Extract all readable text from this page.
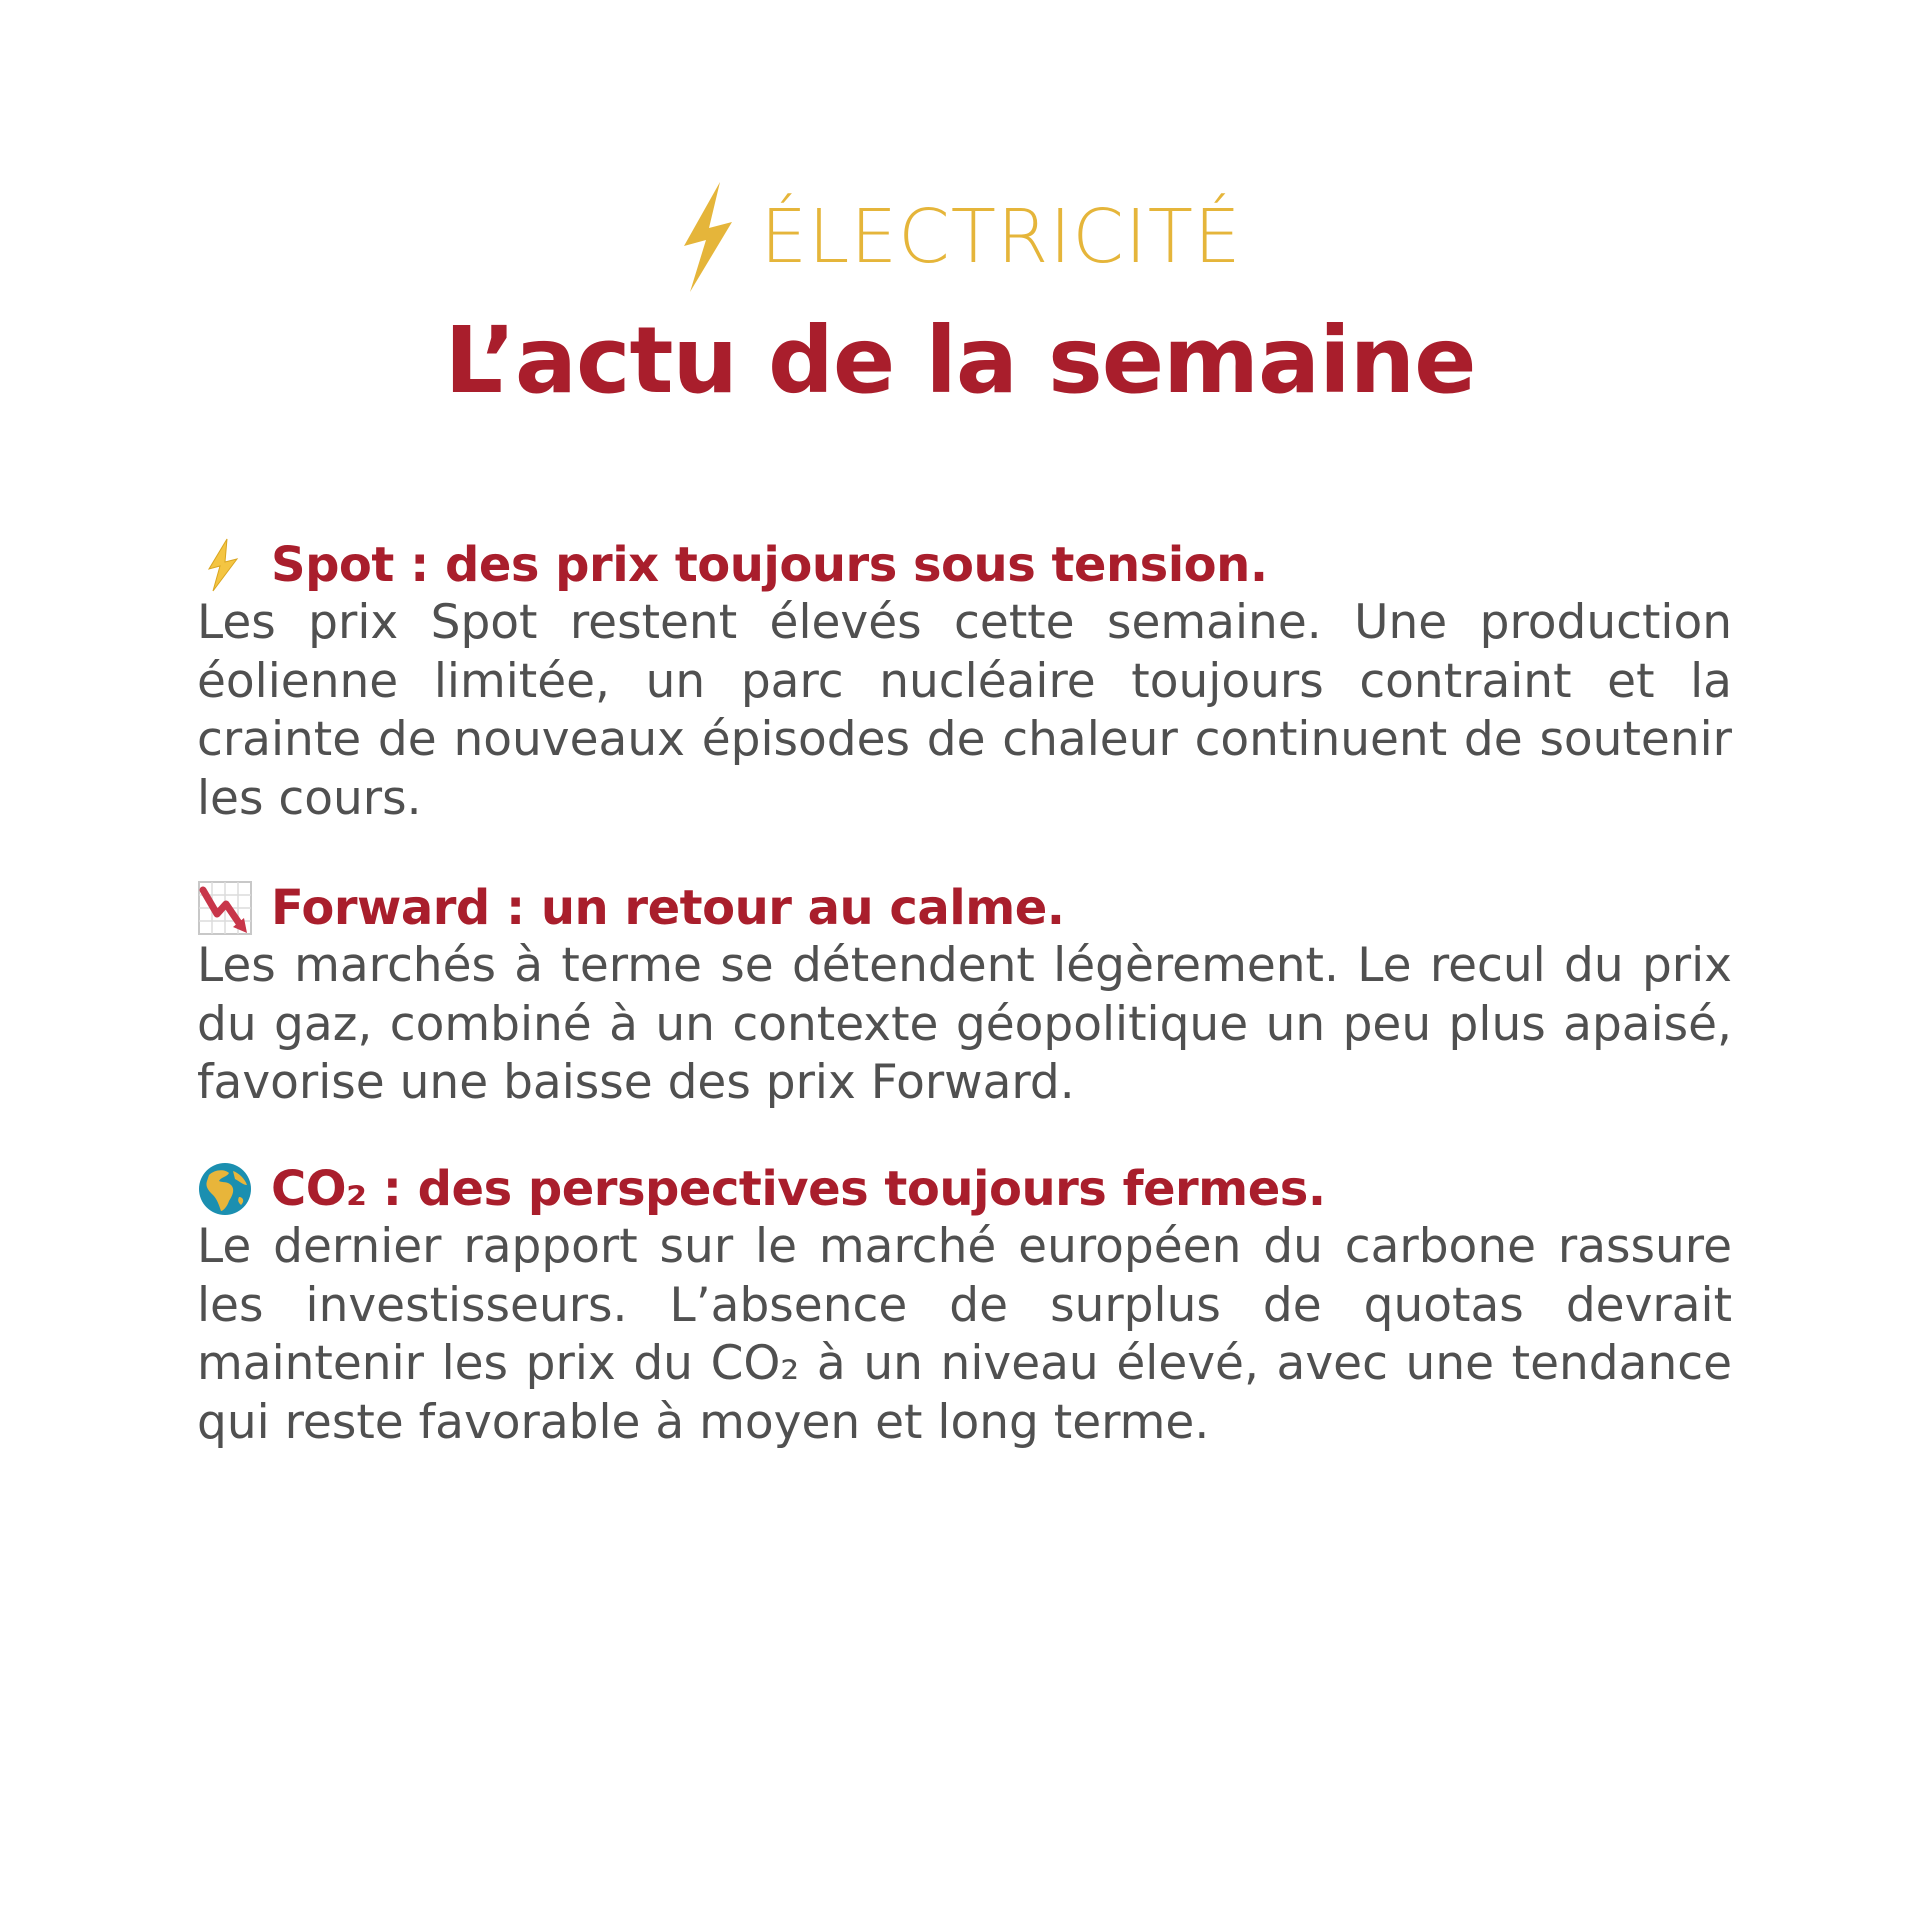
ÉLECTRICITÉ
L’actu de la semaine
Spot : des prix toujours sous tension.

Les prix Spot restent élevés cette semaine. Une production éolienne limitée, un parc nucléaire toujours contraint et la crainte de nouveaux épisodes de chaleur continuent de soutenir les cours.

Forward : un retour au calme.

Les marchés à terme se détendent légèrement. Le recul du prix du gaz, combiné à un contexte géopolitique un peu plus apaisé, favorise une baisse des prix Forward.

CO₂ : des perspectives toujours fermes.

Le dernier rapport sur le marché européen du carbone rassure les investisseurs. L’absence de surplus de quotas devrait maintenir les prix du CO₂ à un niveau élevé, avec une tendance qui reste favorable à moyen et long terme.
